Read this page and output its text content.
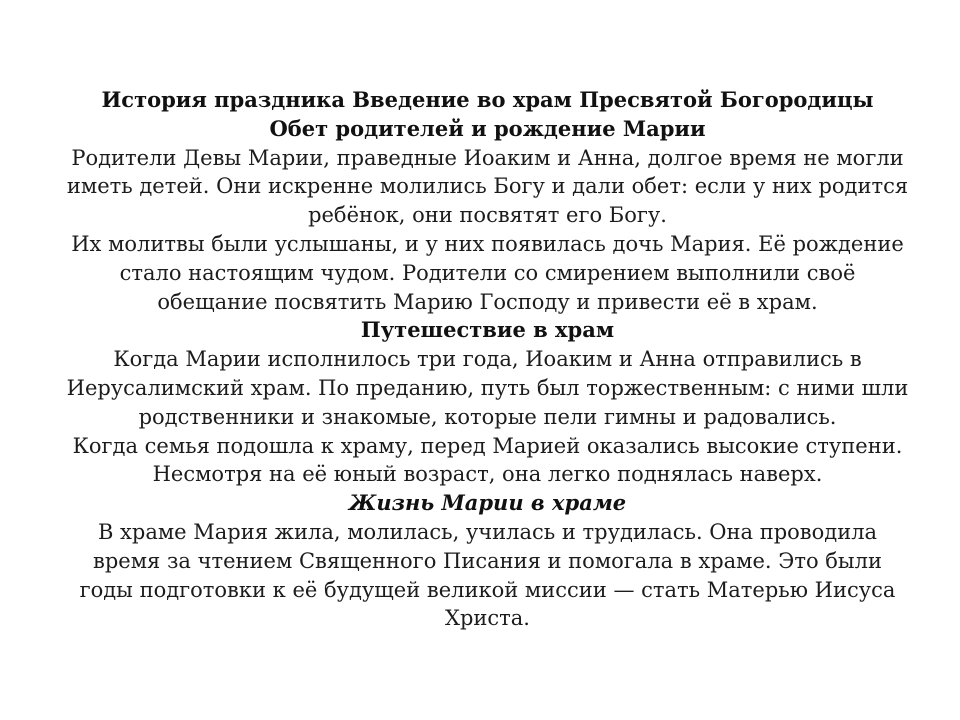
История праздника Введение во храм Пресвятой Богородицы
Обет родителей и рождение Марии

Родители Девы Марии, праведные Иоаким и Анна, долгое время не могли иметь детей. Они искренне молились Богу и дали обет: если у них родится ребёнок, они посвятят его Богу.

Их молитвы были услышаны, и у них появилась дочь Мария. Её рождение стало настоящим чудом. Родители со смирением выполнили своё обещание посвятить Марию Господу и привести её в храм.

Путешествие в храм

Когда Марии исполнилось три года, Иоаким и Анна отправились в Иерусалимский храм. По преданию, путь был торжественным: с ними шли родственники и знакомые, которые пели гимны и радовались.

Когда семья подошла к храму, перед Марией оказались высокие ступени. Несмотря на её юный возраст, она легко поднялась наверх.

Жизнь Марии в храме

В храме Мария жила, молилась, училась и трудилась. Она проводила время за чтением Священного Писания и помогала в храме. Это были годы подготовки к её будущей великой миссии — стать Матерью Иисуса Христа.
